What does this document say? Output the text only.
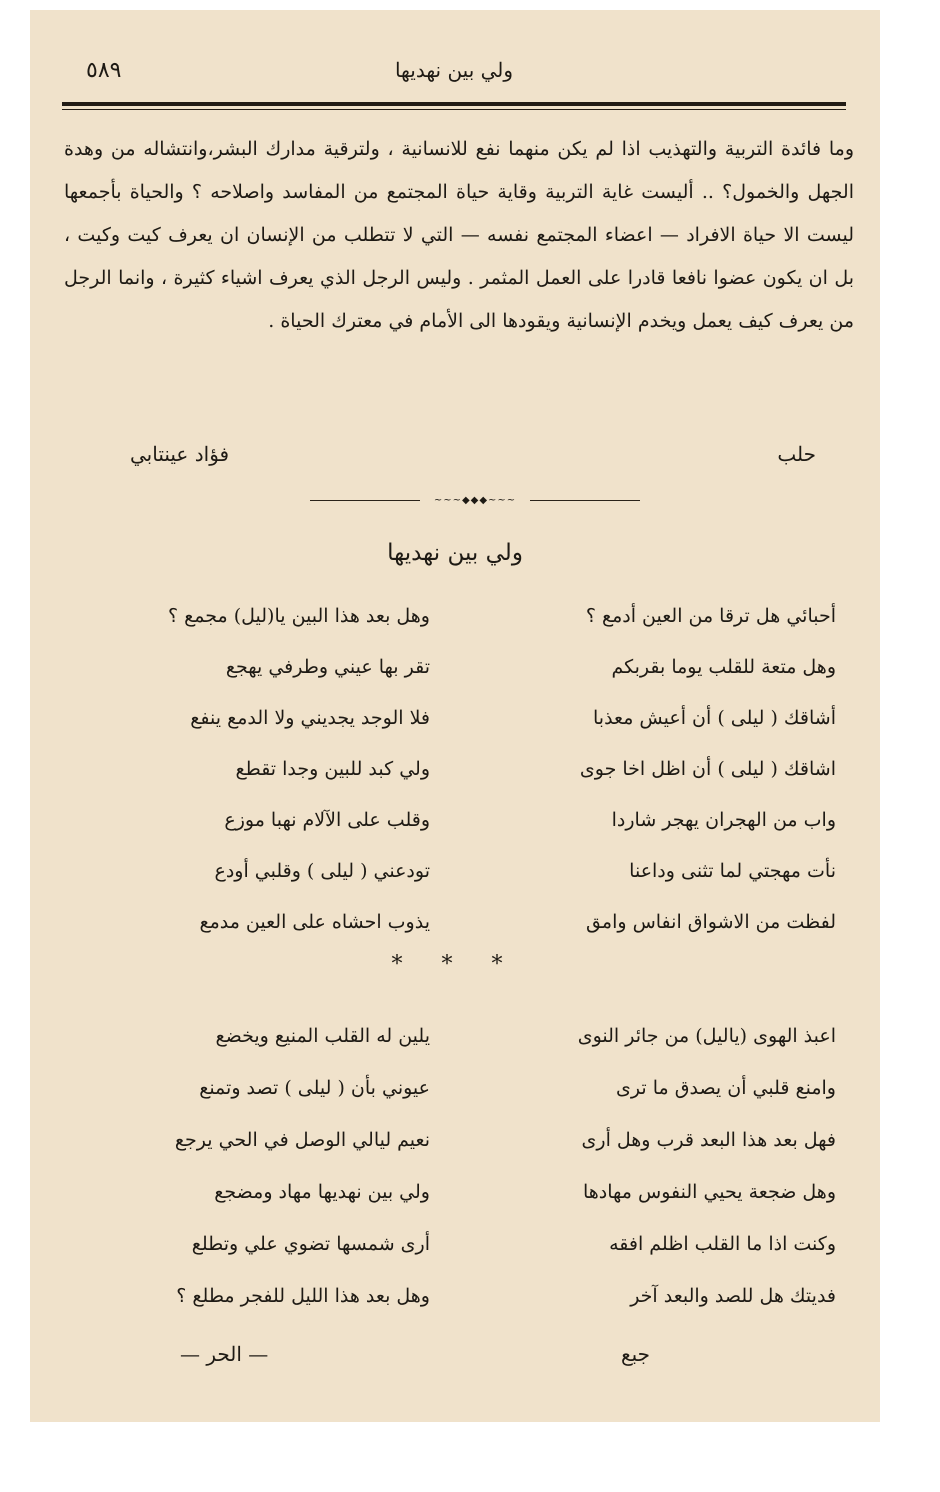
٥٨٩	ولي بين نهديها

وما فائدة التربية والتهذيب اذا لم يكن منهما نفع للانسانية ، ولترقية مدارك البشر،وانتشاله من وهدة الجهل والخمول؟ .. أليست غاية التربية وقاية حياة المجتمع من المفاسد واصلاحه ؟ والحياة بأجمعها ليست الا حياة الافراد — اعضاء المجتمع نفسه — التي لا تتطلب من الإنسان ان يعرف كيت وكيت ، بل ان يكون عضوا نافعا قادرا على العمل المثمر . وليس الرجل الذي يعرف اشياء كثيرة ، وانما الرجل من يعرف كيف يعمل ويخدم الإنسانية ويقودها الى الأمام في معترك الحياة .

حلب
فؤاد عينتابي
~~~◆◆◆~~~
ولي بين نهديها
أحبائي هل ترقا من العين أدمع ؟
وهل بعد هذا البين يا(ليل) مجمع ؟
وهل متعة للقلب يوما بقربكم
تقر بها عيني وطرفي يهجع
أشاقك ( ليلى ) أن أعيش معذبا
فلا الوجد يجديني ولا الدمع ينفع
اشاقك ( ليلى ) أن اظل اخا جوى
ولي كبد للبين وجدا تقطع
واب من الهجران يهجر شاردا
وقلب على الآلام نهبا موزع
نأت مهجتي لما تثنى وداعنا
تودعني ( ليلى ) وقلبي أودع
لفظت من الاشواق انفاس وامق
يذوب احشاه على العين مدمع
* * *
اعبذ الهوى (ياليل) من جائر النوى
يلين له القلب المنيع ويخضع
وامنع قلبي أن يصدق ما ترى
عيوني بأن ( ليلى ) تصد وتمنع
فهل بعد هذا البعد قرب وهل أرى
نعيم ليالي الوصل في الحي يرجع
وهل ضجعة يحيي النفوس مهادها
ولي بين نهديها مهاد ومضجع
وكنت اذا ما القلب اظلم افقه
أرى شمسها تضوي علي وتطلع
فديتك هل للصد والبعد آخر
وهل بعد هذا الليل للفجر مطلع ؟
جبع
— الحر —
